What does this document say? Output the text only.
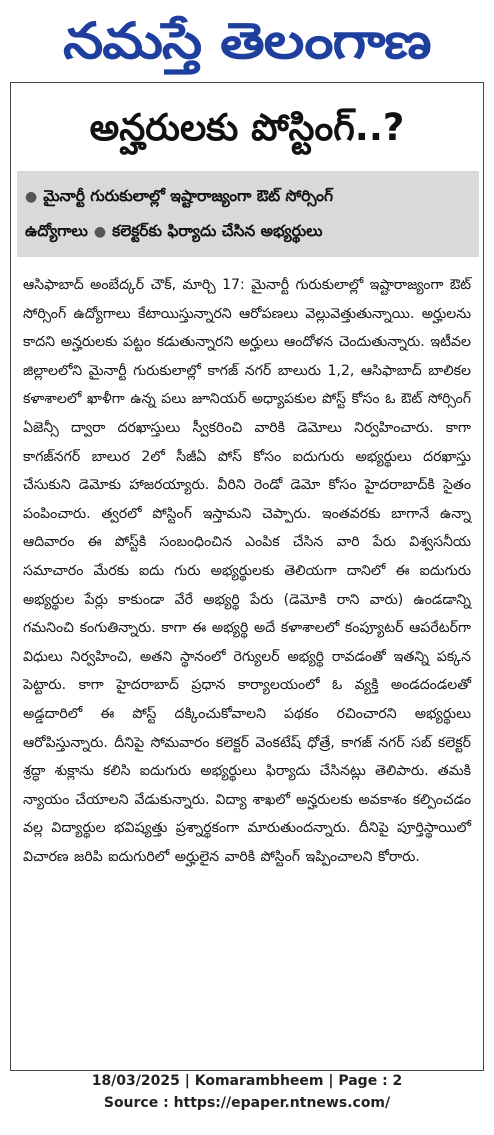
నమస్తే తెలంగాణ
అన్హరులకు పోస్టింగ్..?
● మైనార్టీ గురుకులాల్లో ఇష్టారాజ్యంగా ఔట్ సోర్సింగ్ ఉద్యోగాలు ● కలెక్టర్‌కు ఫిర్యాదు చేసిన అభ్యర్థులు
ఆసిఫాబాద్ అంబేద్కర్ చౌక్, మార్చి 17: మైనార్టీ గురుకులాల్లో ఇష్టారాజ్యంగా ఔట్ సోర్సింగ్ ఉద్యోగాలు కేటాయిస్తున్నారని ఆరోపణలు వెల్లువెత్తుతున్నాయి. అర్హులను కాదని అన్హరులకు పట్టం కడుతున్నారని అర్హులు ఆందోళన చెందుతున్నారు. ఇటీవల జిల్లాలలోని మైనార్టీ గురుకులాల్లో కాగజ్ నగర్ బాలురు 1,2, ఆసిఫాబాద్ బాలికల కళాశాలలో ఖాళీగా ఉన్న పలు జూనియర్ అధ్యాపకుల పోస్ట్ కోసం ఓ ఔట్ సోర్సింగ్ ఏజెన్సీ ద్వారా దరఖాస్తులు స్వీకరించి వారికి డెమోలు నిర్వహించారు. కాగా కాగజ్‌నగర్ బాలుర 2లో సీజీఏ పోస్ కోసం ఐదుగురు అభ్యర్థులు దరఖాస్తు చేసుకుని డెమోకు హాజరయ్యారు. వీరిని రెండో డెమో కోసం హైదరాబాద్‌కి సైతం పంపించారు. త్వరలో పోస్టింగ్ ఇస్తామని చెప్పారు. ఇంతవరకు బాగానే ఉన్నా ఆదివారం ఈ పోస్ట్‌కి సంబంధించిన ఎంపిక చేసిన వారి పేరు విశ్వసనీయ సమాచారం మేరకు ఐదు గురు అభ్యర్థులకు తెలియగా దానిలో ఈ ఐదుగురు అభ్యర్థుల పేర్లు కాకుండా వేరే అభ్యర్థి పేరు (డెమోకి రాని వారు) ఉండడాన్ని గమనించి కంగుతిన్నారు. కాగా ఈ అభ్యర్థి అదే కళాశాలలో కంప్యూటర్ ఆపరేటర్‌గా విధులు నిర్వహించి, అతని స్థానంలో రెగ్యులర్ అభ్యర్థి రావడంతో ఇతన్ని పక్కన పెట్టారు. కాగా హైదరాబాద్ ప్రధాన కార్యాలయంలో ఓ వ్యక్తి అండదండలతో అడ్డదారిలో ఈ పోస్ట్ దక్కించుకోవాలని పథకం రచించారని అభ్యర్థులు ఆరోపిస్తున్నారు. దీనిపై సోమవారం కలెక్టర్ వెంకటేష్ ధోత్రే, కాగజ్ నగర్ సబ్ కలెక్టర్ శ్రద్ధా శుక్లాను కలిసి ఐదుగురు అభ్యర్థులు ఫిర్యాదు చేసినట్లు తెలిపారు. తమకి న్యాయం చేయాలని వేడుకున్నారు. విద్యా శాఖలో అన్హరులకు అవకాశం కల్పించడం వల్ల విద్యార్థుల భవిష్యత్తు ప్రశ్నార్థకంగా మారుతుందన్నారు. దీనిపై పూర్తిస్థాయిలో విచారణ జరిపి ఐదుగురిలో అర్హులైన వారికి పోస్టింగ్ ఇప్పించాలని కోరారు.
18/03/2025 | Komarambheem | Page : 2
Source : https://epaper.ntnews.com/
